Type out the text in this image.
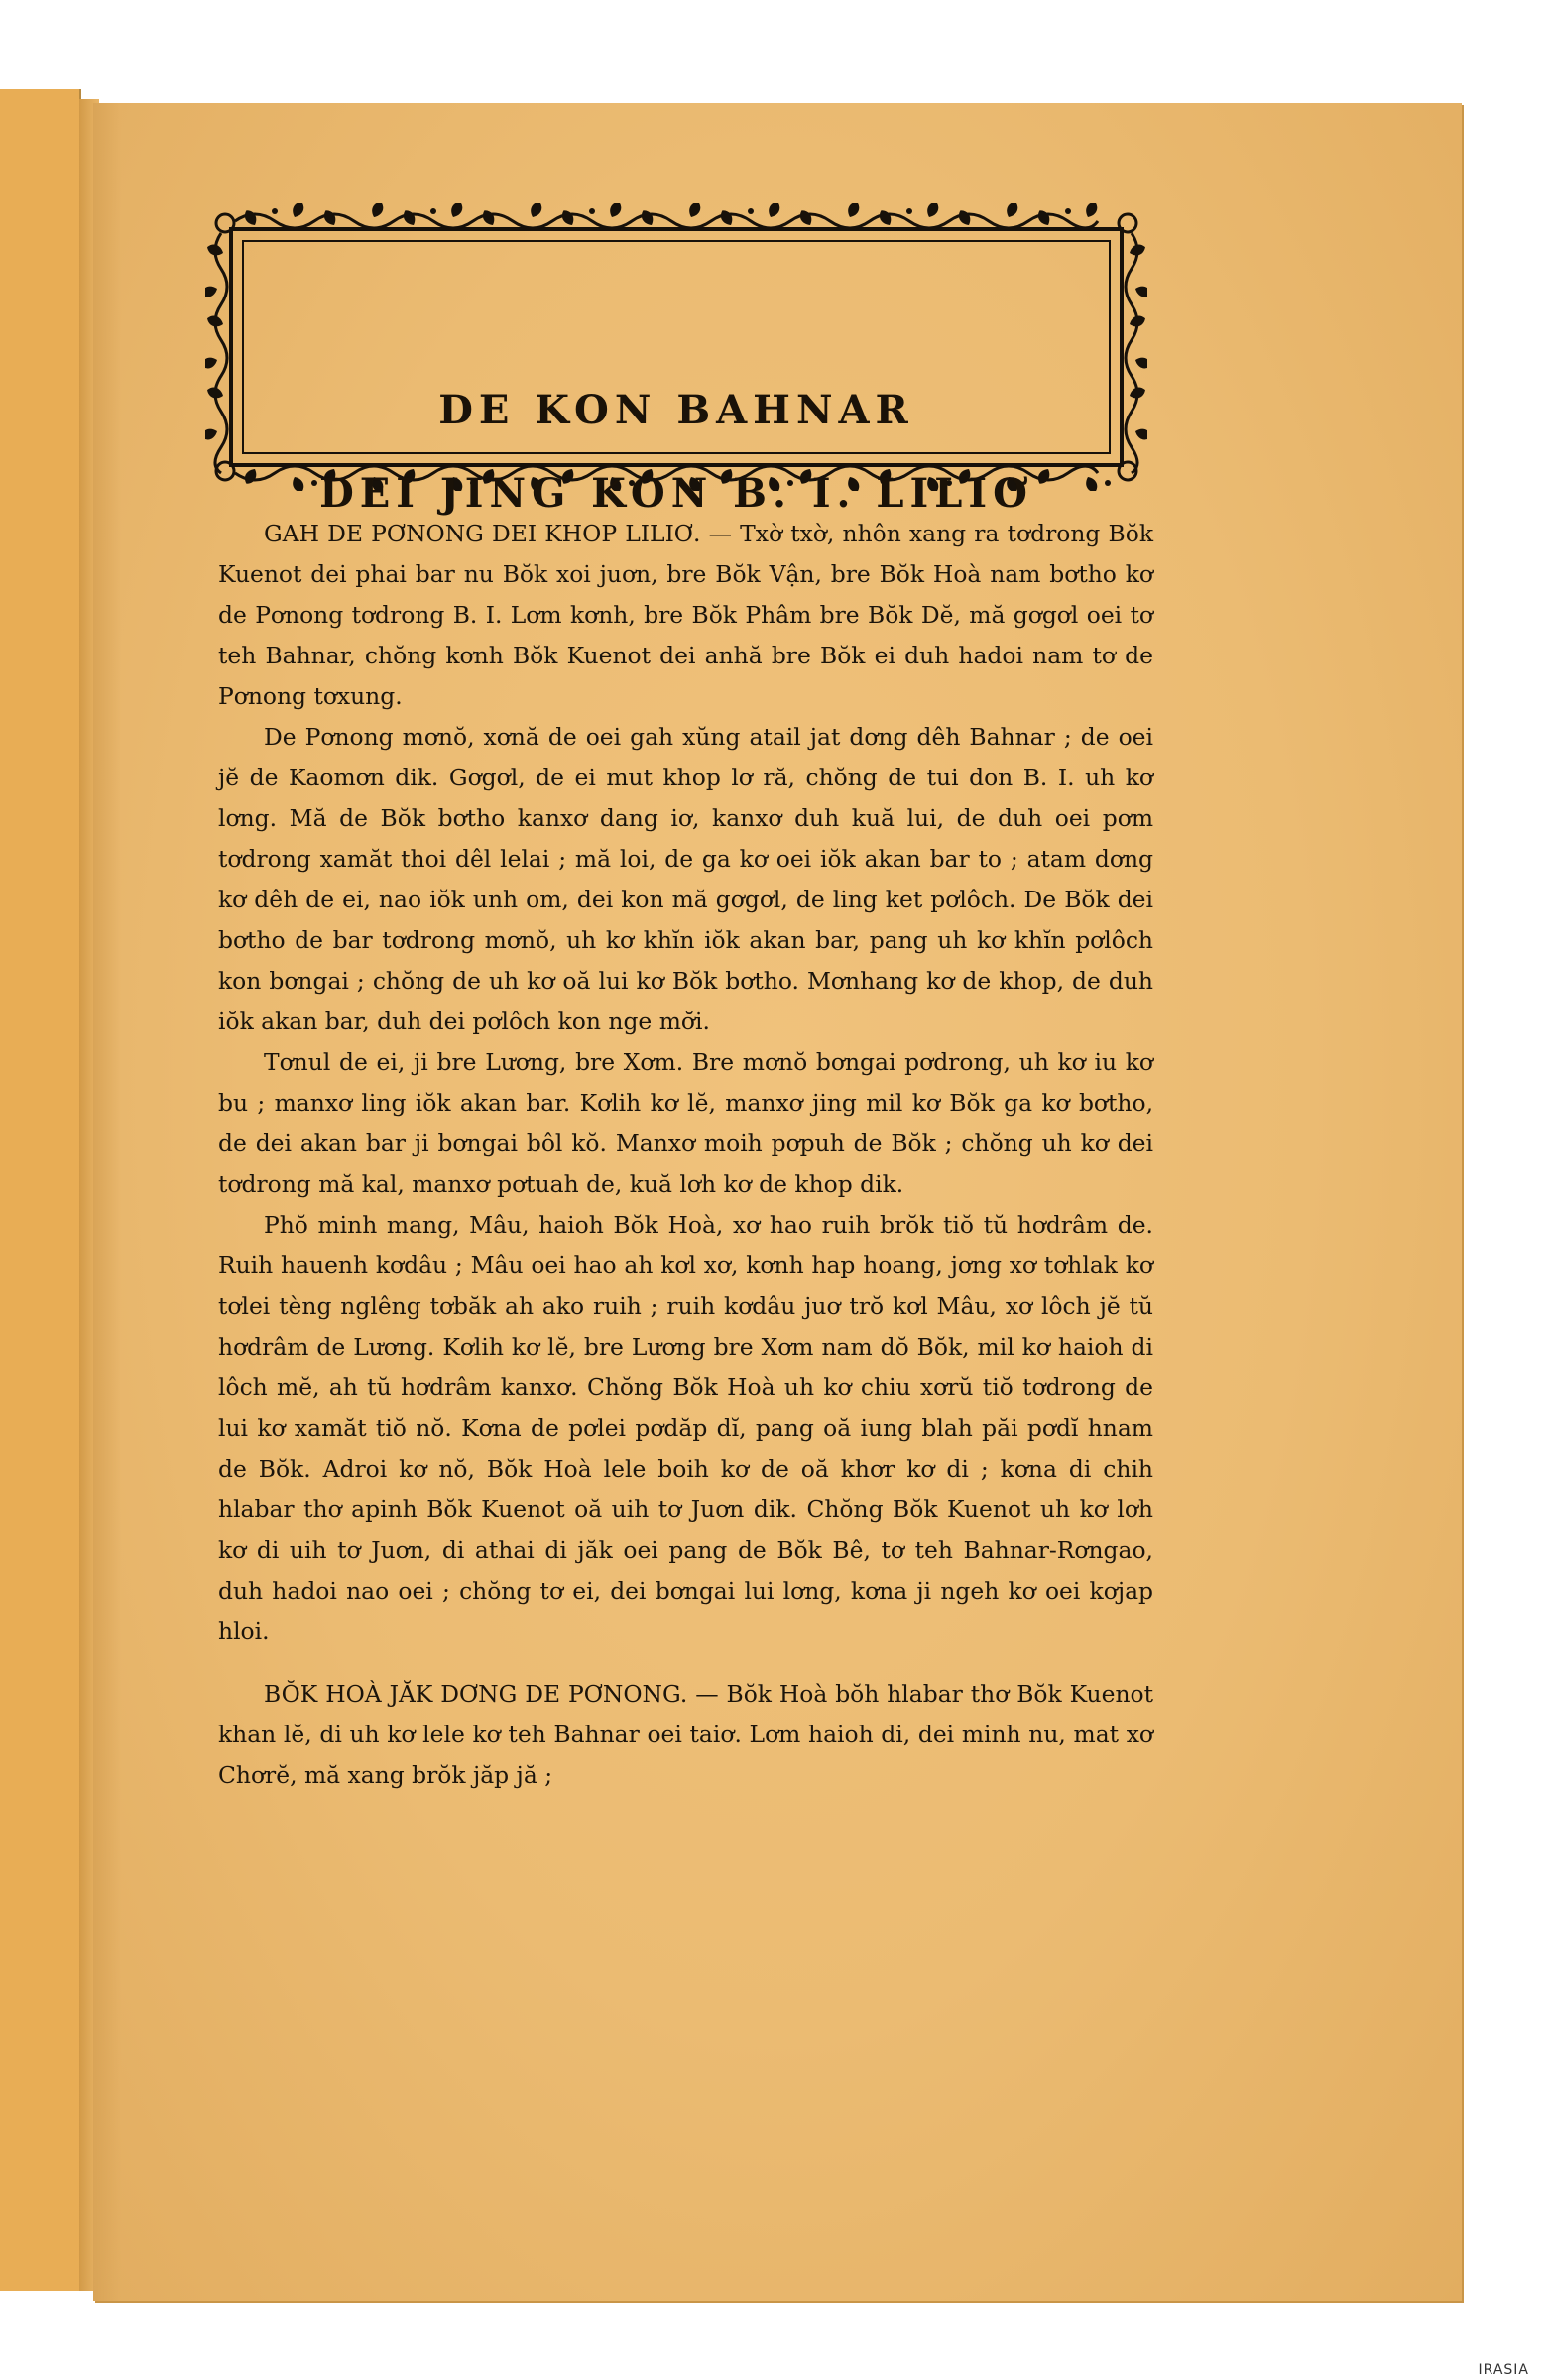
DE KON BAHNAR
DEI JING KON B. I. LILIƠ

GAH DE PƠNONG DEI KHOP LILIƠ. — Txờ txờ, nhôn xang ra tơdrong Bŏk Kuenot dei phai bar nu Bŏk xoi juơn, bre Bŏk Vận, bre Bŏk Hoà nam bơtho kơ de Pơnong tơdrong B. I. Lơm kơnh, bre Bŏk Phâm bre Bŏk Dĕ, mă gơgơl oei tơ teh Bahnar, chŏng kơnh Bŏk Kuenot dei anhă bre Bŏk ei duh hadoi nam tơ de Pơnong tơxung.

De Pơnong mơnŏ, xơnă de oei gah xŭng atail jat dơng dêh Bahnar ; de oei jĕ de Kaomơn dik. Gơgơl, de ei mut khop lơ ră, chŏng de tui don B. I. uh kơ lơng. Mă de Bŏk bơtho kanxơ dang iơ, kanxơ duh kuă lui, de duh oei pơm tơdrong xamăt thoi dêl lelai ; mă loi, de ga kơ oei iŏk akan bar to ; atam dơng kơ dêh de ei, nao iŏk unh om, dei kon mă gơgơl, de ling ket pơlôch. De Bŏk dei bơtho de bar tơdrong mơnŏ, uh kơ khĭn iŏk akan bar, pang uh kơ khĭn pơlôch kon bơngai ; chŏng de uh kơ oă lui kơ Bŏk bơtho. Mơnhang kơ de khop, de duh iŏk akan bar, duh dei pơlôch kon nge mơ̆i.

Tơnul de ei, ji bre Lương, bre Xơm. Bre mơnŏ bơngai pơdrong, uh kơ iu kơ bu ; manxơ ling iŏk akan bar. Kơlih kơ lĕ, manxơ jing mil kơ Bŏk ga kơ bơtho, de dei akan bar ji bơngai bôl kŏ. Manxơ moih pơpuh de Bŏk ; chŏng uh kơ dei tơdrong mă kal, manxơ pơtuah de, kuă lơh kơ de khop dik.

Phŏ minh mang, Mâu, haioh Bŏk Hoà, xơ hao ruih brŏk tiŏ tŭ hơdrâm de. Ruih hauenh kơdâu ; Mâu oei hao ah kơl xơ, kơnh hap hoang, jơng xơ tơhlak kơ tơlei tèng nglêng tơbăk ah ako ruih ; ruih kơdâu juơ trŏ kơl Mâu, xơ lôch jĕ tŭ hơdrâm de Lương. Kơlih kơ lĕ, bre Lương bre Xơm nam dŏ Bŏk, mil kơ haioh di lôch mĕ, ah tŭ hơdrâm kanxơ. Chŏng Bŏk Hoà uh kơ chiu xơrŭ tiŏ tơdrong de lui kơ xamăt tiŏ nŏ. Kơna de pơlei pơdăp dĭ, pang oă iung blah păi pơdĭ hnam de Bŏk. Adroi kơ nŏ, Bŏk Hoà lele boih kơ de oă khơr kơ di ; kơna di chih hlabar thơ apinh Bŏk Kuenot oă uih tơ Juơn dik. Chŏng Bŏk Kuenot uh kơ lơh kơ di uih tơ Juơn, di athai di jăk oei pang de Bŏk Bê, tơ teh Bahnar-Rơngao, duh hadoi nao oei ; chŏng tơ ei, dei bơngai lui lơng, kơna ji ngeh kơ oei kơjap hloi.

BŎK HOÀ JĂK DƠNG DE PƠNONG. — Bŏk Hoà bŏh hlabar thơ Bŏk Kuenot khan lĕ, di uh kơ lele kơ teh Bahnar oei taiơ. Lơm haioh di, dei minh nu, mat xơ Chơrĕ, mă xang brŏk jăp jă ;

IRASIA
